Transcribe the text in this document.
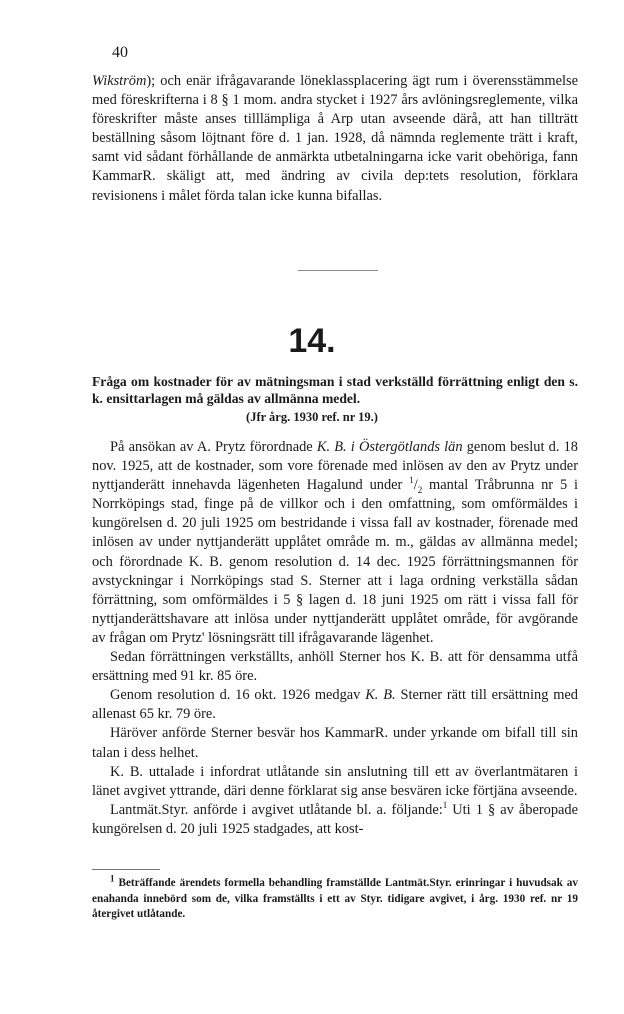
40

Wikström); och enär ifrågavarande löneklassplacering ägt rum i överensstämmelse med föreskrifterna i 8 § 1 mom. andra stycket i 1927 års avlöningsreglemente, vilka föreskrifter måste anses tilllämpliga å Arp utan avseende därå, att han tillträtt beställning såsom löjtnant före d. 1 jan. 1928, då nämnda reglemente trätt i kraft, samt vid sådant förhållande de anmärkta utbetalningarna icke varit obehöriga, fann KammarR. skäligt att, med ändring av civila dep:tets resolution, förklara revisionens i målet förda talan icke kunna bifallas.

14.
Fråga om kostnader för av mätningsman i stad verkställd förrättning enligt den s. k. ensittarlagen må gäldas av allmänna medel.
(Jfr årg. 1930 ref. nr 19.)

På ansökan av A. Prytz förordnade K. B. i Östergötlands län genom beslut d. 18 nov. 1925, att de kostnader, som vore förenade med inlösen av den av Prytz under nyttjanderätt innehavda lägenheten Hagalund under $^1/_2$ mantal Tråbrunna nr 5 i Norrköpings stad, finge på de villkor och i den omfattning, som omförmäldes i kungörelsen d. 20 juli 1925 om bestridande i vissa fall av kostnader, förenade med inlösen av under nyttjanderätt upplåtet område m. m., gäldas av allmänna medel; och förordnade K. B. genom resolution d. 14 dec. 1925 förrättningsmannen för avstyckningar i Norrköpings stad S. Sterner att i laga ordning verkställa sådan förrättning, som omförmäldes i 5 § lagen d. 18 juni 1925 om rätt i vissa fall för nyttjanderättshavare att inlösa under nyttjanderätt upplåtet område, för avgörande av frågan om Prytz' lösningsrätt till ifrågavarande lägenhet.

Sedan förrättningen verkställts, anhöll Sterner hos K. B. att för densamma utfå ersättning med 91 kr. 85 öre.

Genom resolution d. 16 okt. 1926 medgav K. B. Sterner rätt till ersättning med allenast 65 kr. 79 öre.

Häröver anförde Sterner besvär hos KammarR. under yrkande om bifall till sin talan i dess helhet.

K. B. uttalade i infordrat utlåtande sin anslutning till ett av överlantmätaren i länet avgivet yttrande, däri denne förklarat sig anse besvären icke förtjäna avseende.

Lantmät.Styr. anförde i avgivet utlåtande bl. a. följande:$^1$ Uti 1 § av åberopade kungörelsen d. 20 juli 1925 stadgades, att kost-

$^1$ Beträffande ärendets formella behandling framställde Lantmät.Styr. erinringar i huvudsak av enahanda innebörd som de, vilka framställts i ett av Styr. tidigare avgivet, i årg. 1930 ref. nr 19 återgivet utlåtande.
